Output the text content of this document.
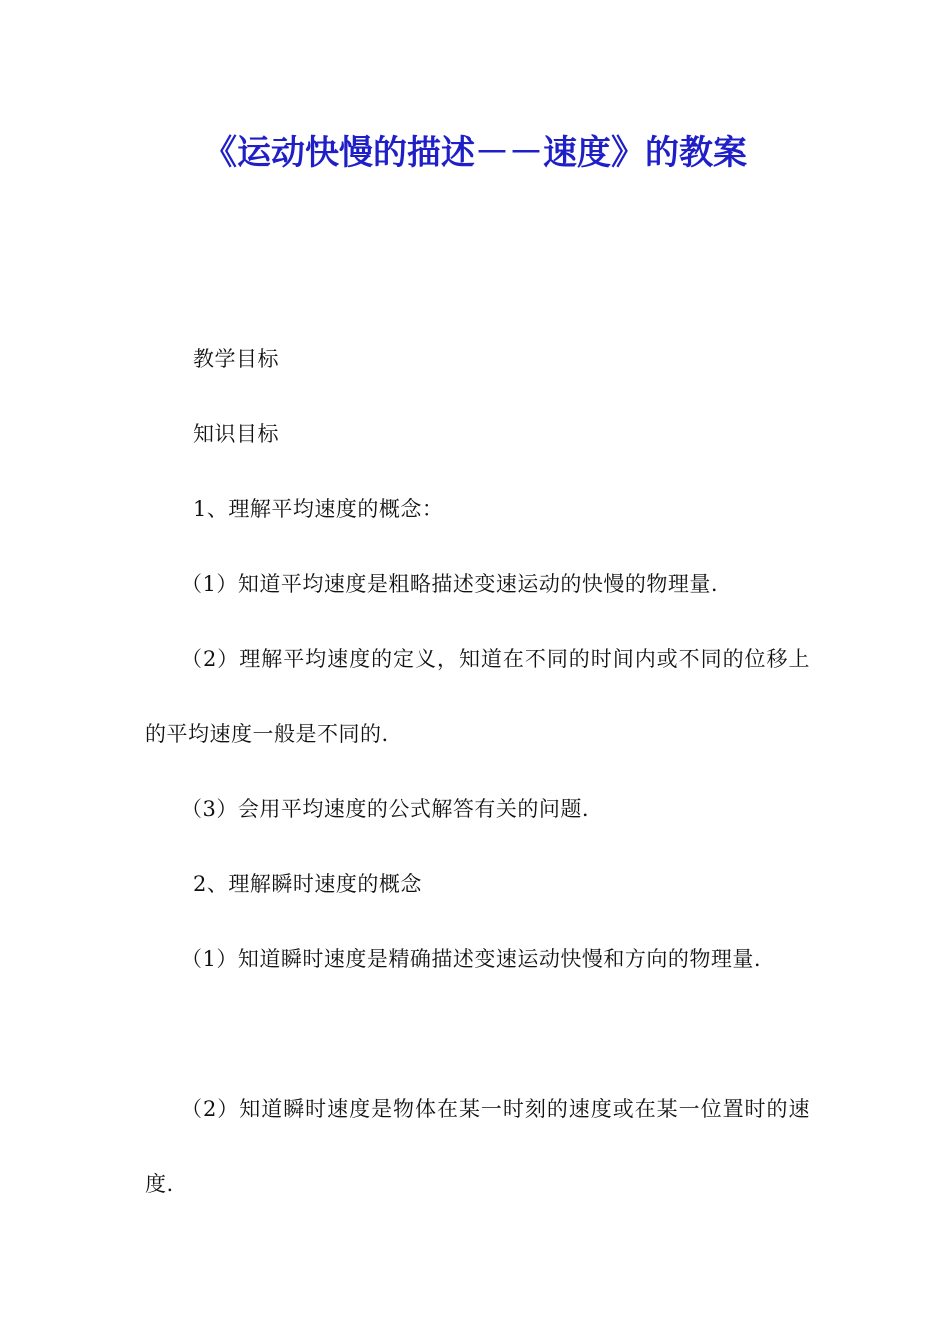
《运动快慢的描述－－速度》的教案

教学目标

知识目标

1、理解平均速度的概念：

（1）知道平均速度是粗略描述变速运动的快慢的物理量.

（2）理解平均速度的定义，知道在不同的时间内或不同的位移上的平均速度一般是不同的.

（3）会用平均速度的公式解答有关的问题.

2、理解瞬时速度的概念

（1）知道瞬时速度是精确描述变速运动快慢和方向的物理量.

（2）知道瞬时速度是物体在某一时刻的速度或在某一位置时的速度.
